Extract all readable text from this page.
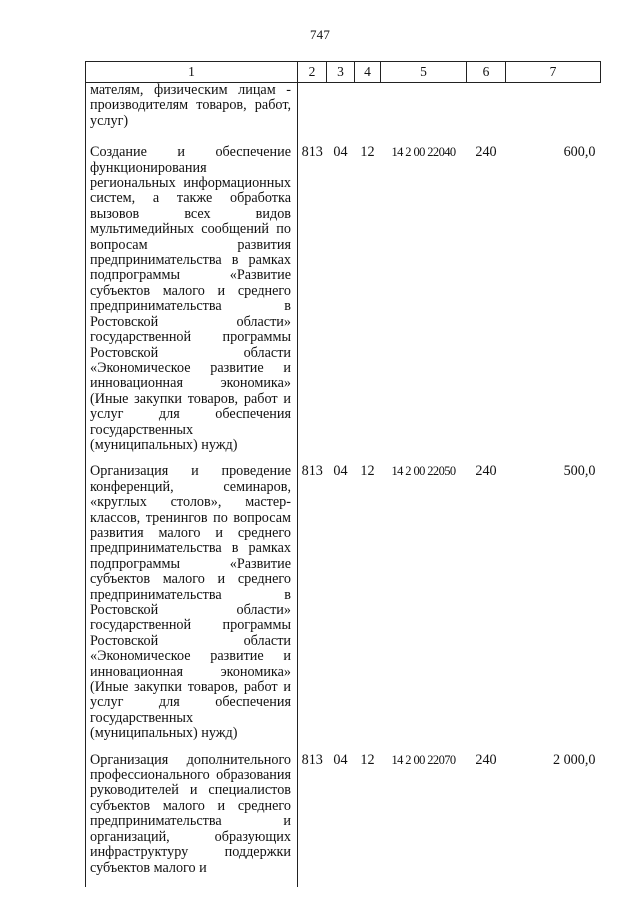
747
1	2	3	4	5	6	7
мателям, физическим лицам - производителям товаров, работ, услуг)						
Создание и обеспечение функционирования региональных информационных систем, а также обработка вызовов всех видов мультимедийных сообщений по вопросам развития предпринимательства в рамках подпрограммы «Развитие субъектов малого и среднего предпринимательства в Ростовской области» государственной программы Ростовской области «Экономическое развитие и инновационная экономика» (Иные закупки товаров, работ и услуг для обеспечения государственных (муниципальных) нужд)	813	04	12	14 2 00 22040	240	600,0
Организация и проведение конференций, семинаров, «круглых столов», мастер-классов, тренингов по вопросам развития малого и среднего предпринимательства в рамках подпрограммы «Развитие субъектов малого и среднего предпринимательства в Ростовской области» государственной программы Ростовской области «Экономическое развитие и инновационная экономика» (Иные закупки товаров, работ и услуг для обеспечения государственных (муниципальных) нужд)	813	04	12	14 2 00 22050	240	500,0
Организация дополнительного профессионального образования руководителей и специалистов субъектов малого и среднего предпринимательства и организаций, образующих инфраструктуру поддержки субъектов малого и	813	04	12	14 2 00 22070	240	2 000,0
